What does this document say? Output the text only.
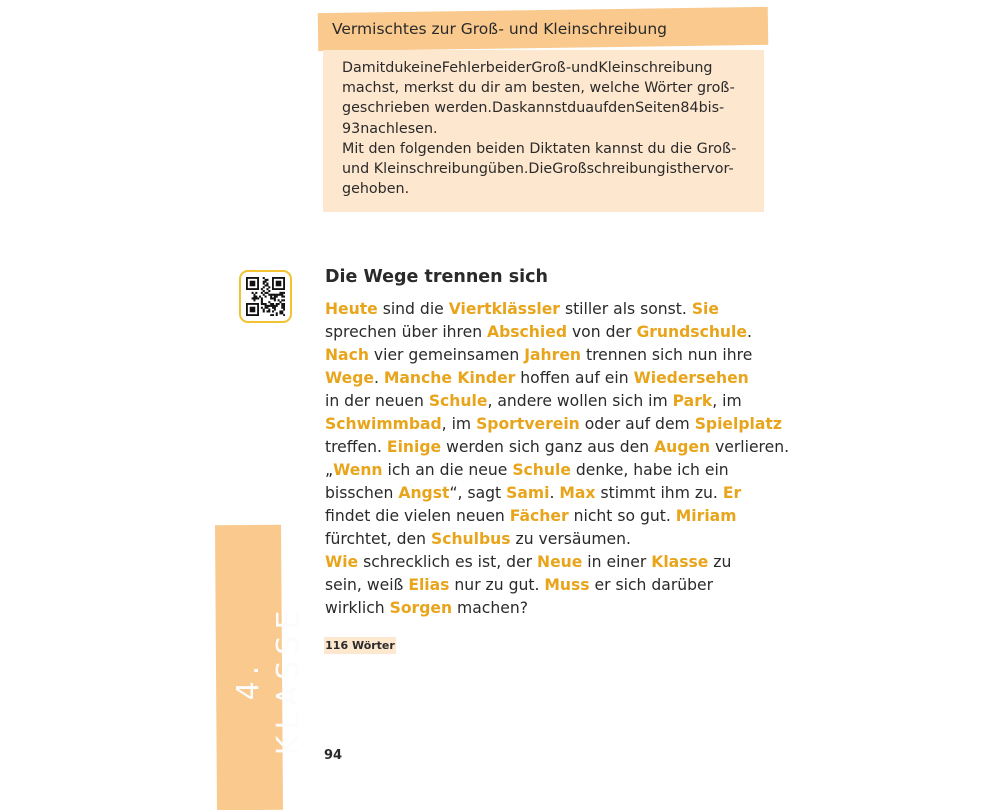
Vermischtes zur Groß- und Kleinschreibung
DamitdukeineFehlerbeiderGroß-undKleinschreibung
machst, merkst du dir am besten, welche Wörter groß-
geschrieben werden.DaskannstduaufdenSeiten84bis-
93nachlesen.
Mit den folgenden beiden Diktaten kannst du die Groß-
und Kleinschreibungüben.DieGroßschreibungisthervor-
gehoben.
Die Wege trennen sich
Heute sind die Viertklässler stiller als sonst. Sie
sprechen über ihren Abschied von der Grundschule.
Nach vier gemeinsamen Jahren trennen sich nun ihre
Wege. Manche Kinder hoffen auf ein Wiedersehen
in der neuen Schule, andere wollen sich im Park, im
Schwimmbad, im Sportverein oder auf dem Spielplatz
treffen. Einige werden sich ganz aus den Augen verlieren.
„Wenn ich an die neue Schule denke, habe ich ein
bisschen Angst“, sagt Sami. Max stimmt ihm zu. Er
findet die vielen neuen Fächer nicht so gut. Miriam
fürchtet, den Schulbus zu versäumen.
Wie schrecklich es ist, der Neue in einer Klasse zu
sein, weiß Elias nur zu gut. Muss er sich darüber
wirklich Sorgen machen?
116 Wörter
4. KLASSE
94
